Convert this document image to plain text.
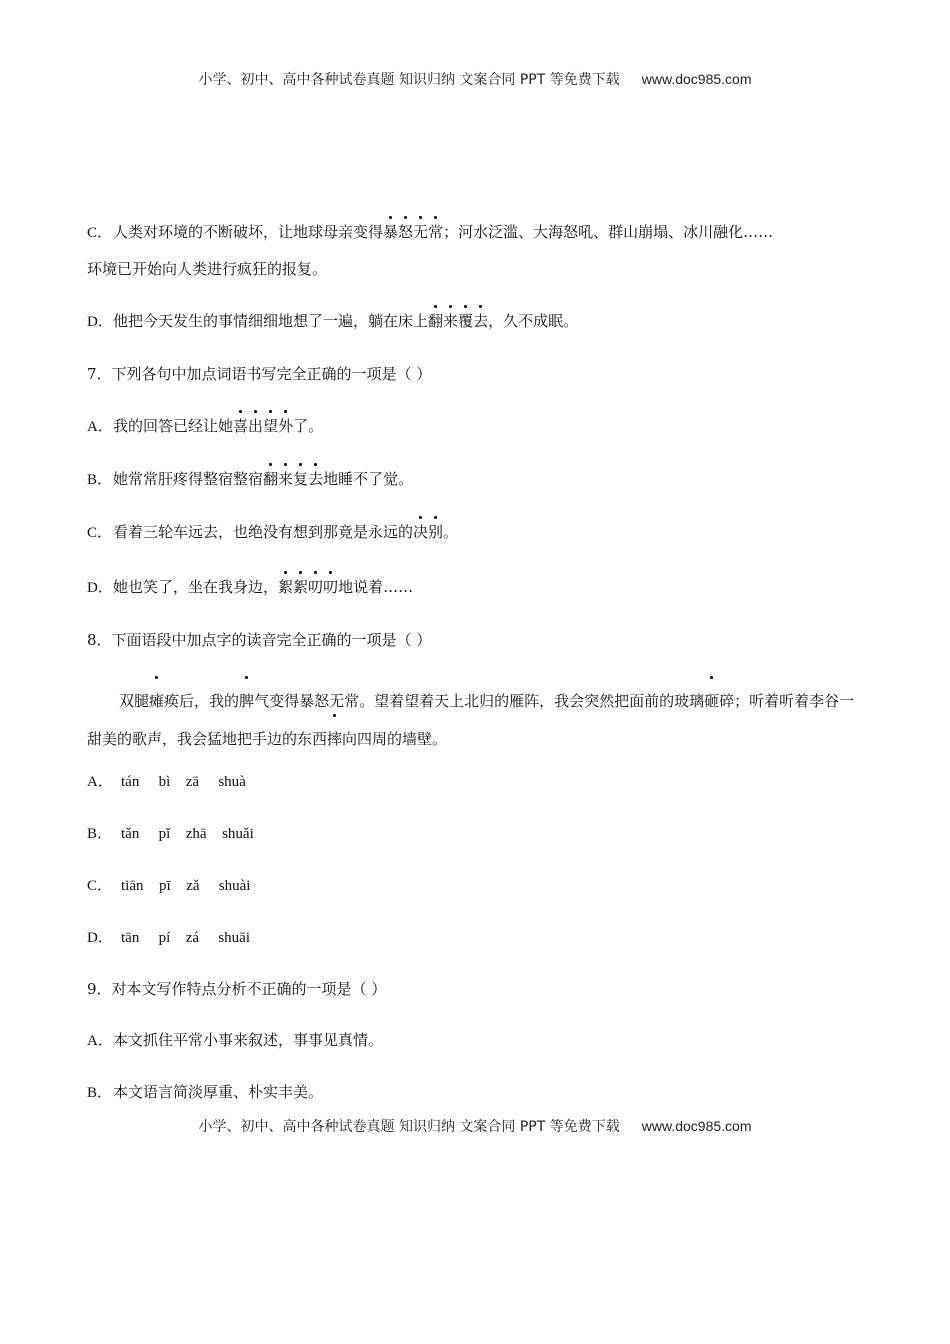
小学、初中、高中各种试卷真题 知识归纳 文案合同 PPT 等免费下载 www.doc985.com
C．人类对环境的不断破坏，让地球母亲变得暴怒无常；河水泛滥、大海怒吼、群山崩塌、冰川融化……
环境已开始向人类进行疯狂的报复。
D．他把今天发生的事情细细地想了一遍，躺在床上翻来覆去，久不成眠。
7．下列各句中加点词语书写完全正确的一项是（ ）
A．我的回答已经让她喜出望外了。
B．她常常肝疼得整宿整宿翻来复去地睡不了觉。
C．看着三轮车远去，也绝没有想到那竟是永远的决别。
D．她也笑了，坐在我身边，絮絮叨叨地说着……
8．下面语段中加点字的读音完全正确的一项是（ ）
双腿瘫痪后，我的脾气变得暴怒无常。望着望着天上北归的雁阵，我会突然把面前的玻璃砸碎；听着听着李谷一甜美的歌声，我会猛地把手边的东西摔向四周的墙壁。
A． tán bì zā shuà
B． tǎn pǐ zhā shuǎi
C． tiān pī zǎ shuài
D． tān pí zá shuāi
9．对本文写作特点分析不正确的一项是（ ）
A．本文抓住平常小事来叙述，事事见真情。
B．本文语言简淡厚重、朴实丰美。
小学、初中、高中各种试卷真题 知识归纳 文案合同 PPT 等免费下载 www.doc985.com
